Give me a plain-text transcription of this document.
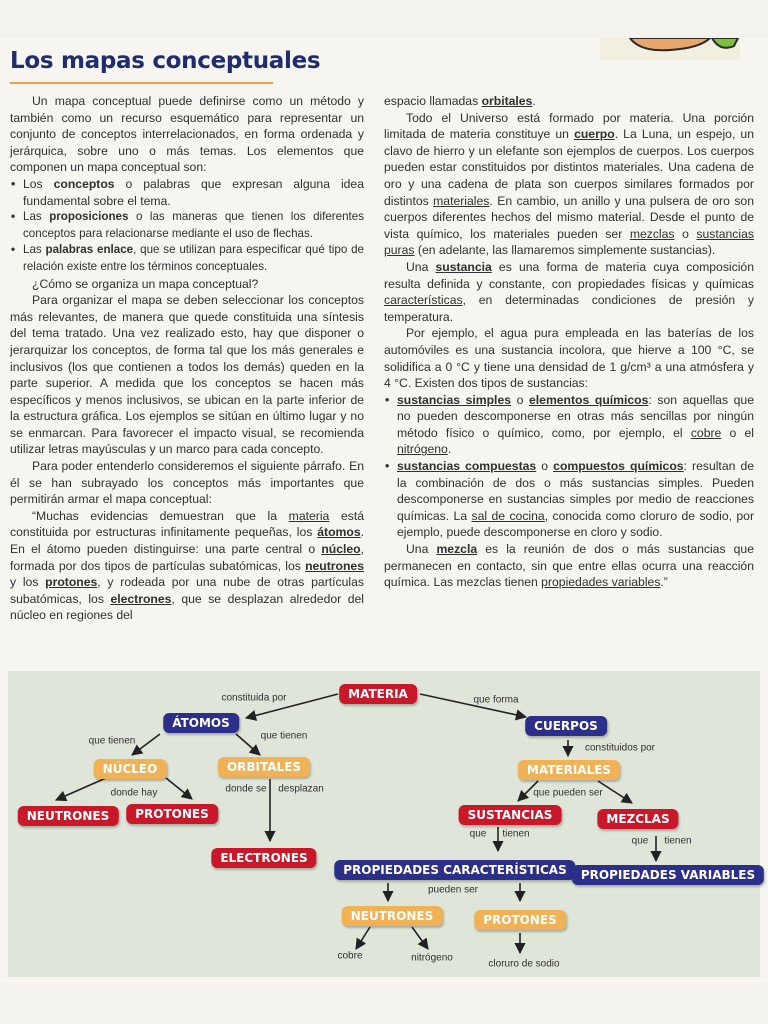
Los mapas conceptuales

Un mapa conceptual puede definirse como un método y también como un recurso esquemático para representar un conjunto de conceptos interrelacionados, en forma ordenada y jerárquica, sobre uno o más temas. Los elementos que componen un mapa conceptual son:

• Los conceptos o palabras que expresan alguna idea fundamental sobre el tema.
• Las proposiciones o las maneras que tienen los diferentes conceptos para relacionarse mediante el uso de flechas.
• Las palabras enlace, que se utilizan para especificar qué tipo de relación existe entre los términos conceptuales.

¿Cómo se organiza un mapa conceptual?

Para organizar el mapa se deben seleccionar los conceptos más relevantes, de manera que quede constituida una síntesis del tema tratado. Una vez realizado esto, hay que disponer o jerarquizar los conceptos, de forma tal que los más generales e inclusivos (los que contienen a todos los demás) queden en la parte superior. A medida que los conceptos se hacen más específicos y menos inclusivos, se ubican en la parte inferior de la estructura gráfica. Los ejemplos se sitúan en último lugar y no se enmarcan. Para favorecer el impacto visual, se recomienda utilizar letras mayúsculas y un marco para cada concepto.

Para poder entenderlo consideremos el siguiente párrafo. En él se han subrayado los conceptos más importantes que permitirán armar el mapa conceptual:

“Muchas evidencias demuestran que la materia está constituida por estructuras infinitamente pequeñas, los átomos. En el átomo pueden distinguirse: una parte central o núcleo, formada por dos tipos de partículas subatómicas, los neutrones y los protones, y rodeada por una nube de otras partículas subatómicas, los electrones, que se desplazan alrededor del núcleo en regiones del

espacio llamadas orbitales.

Todo el Universo está formado por materia. Una porción limitada de materia constituye un cuerpo. La Luna, un espejo, un clavo de hierro y un elefante son ejemplos de cuerpos. Los cuerpos pueden estar constituidos por distintos materiales. Una cadena de oro y una cadena de plata son cuerpos similares formados por distintos materiales. En cambio, un anillo y una pulsera de oro son cuerpos diferentes hechos del mismo material. Desde el punto de vista químico, los materiales pueden ser mezclas o sustancias puras (en adelante, las llamaremos simplemente sustancias).

Una sustancia es una forma de materia cuya composición resulta definida y constante, con propiedades físicas y químicas características, en determinadas condiciones de presión y temperatura.

Por ejemplo, el agua pura empleada en las baterías de los automóviles es una sustancia incolora, que hierve a 100 °C, se solidifica a 0 °C y tiene una densidad de 1 g/cm³ a una atmósfera y 4 °C. Existen dos tipos de sustancias:

• sustancias simples o elementos químicos: son aquellas que no pueden descomponerse en otras más sencillas por ningún método físico o químico, como, por ejemplo, el cobre o el nitrógeno.
• sustancias compuestas o compuestos químicos: resultan de la combinación de dos o más sustancias simples. Pueden descomponerse en sustancias simples por medio de reacciones químicas. La sal de cocina, conocida como cloruro de sodio, por ejemplo, puede descomponerse en cloro y sodio.

Una mezcla es la reunión de dos o más sustancias que permanecen en contacto, sin que entre ellas ocurra una reacción química. Las mezclas tienen propiedades variables.”

MATERIA
ÁTOMOS	CUERPOS
NÚCLEO	ORBITALES	MATERIALES
NEUTRONES	PROTONES
ELECTRONES
SUSTANCIAS	MEZCLAS
PROPIEDADES CARACTERÍSTICAS	PROPIEDADES VARIABLES
NEUTRONES	PROTONES
constituida por	que forma
que tienen	que tienen
donde hay	donde se desplazan
constituidos por
que pueden ser
que tienen
que tienen
pueden ser
cobre	nitrógeno
cloruro de sodio
